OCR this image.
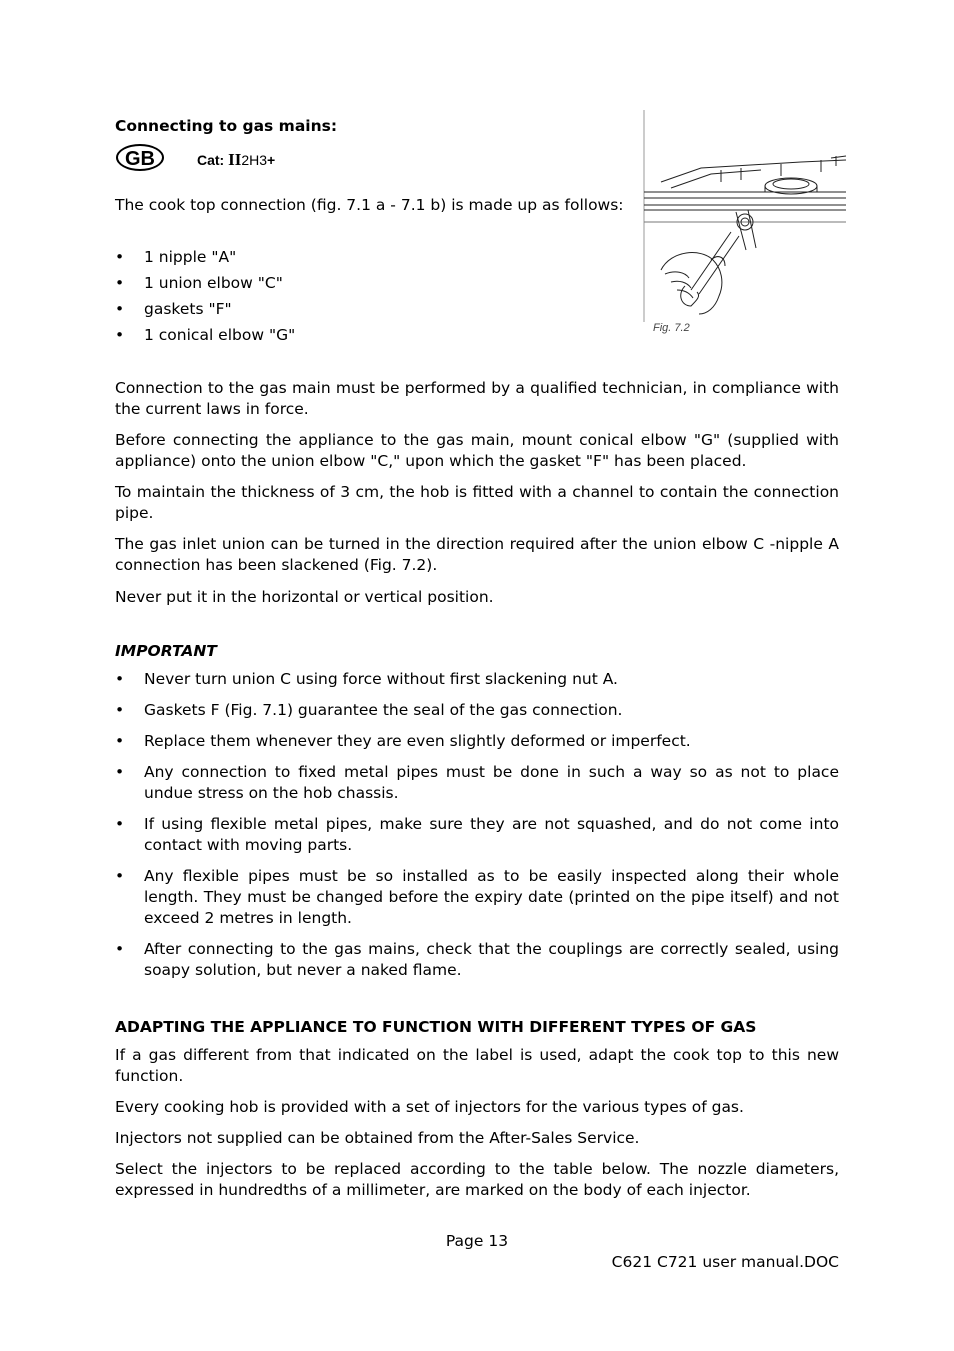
Connecting to gas mains:
GB	Cat: II2H3+
The cook top connection (fig. 7.1 a - 7.1 b) is made up as follows:
• 1 nipple "A"
• 1 union elbow "C"
• gaskets "F"
• 1 conical elbow "G"	Fig. 7.2
Connection to the gas main must be performed by a qualified technician, in compliance with the current laws in force.
Before connecting the appliance to the gas main, mount conical elbow "G" (supplied with appliance) onto the union elbow "C," upon which the gasket "F" has been placed.
To maintain the thickness of 3 cm, the hob is fitted with a channel to contain the connection pipe.
The gas inlet union can be turned in the direction required after the union elbow C -nipple A connection has been slackened (Fig. 7.2).
Never put it in the horizontal or vertical position.
IMPORTANT
• Never turn union C using force without first slackening nut A.
• Gaskets F (Fig. 7.1) guarantee the seal of the gas connection.
• Replace them whenever they are even slightly deformed or imperfect.
• Any connection to fixed metal pipes must be done in such a way so as not to place undue stress on the hob chassis.
• If using flexible metal pipes, make sure they are not squashed, and do not come into contact with moving parts.
• Any flexible pipes must be so installed as to be easily inspected along their whole length. They must be changed before the expiry date (printed on the pipe itself) and not exceed 2 metres in length.
• After connecting to the gas mains, check that the couplings are correctly sealed, using soapy solution, but never a naked flame.
ADAPTING THE APPLIANCE TO FUNCTION WITH DIFFERENT TYPES OF GAS
If a gas different from that indicated on the label is used, adapt the cook top to this new function.
Every cooking hob is provided with a set of injectors for the various types of gas.
Injectors not supplied can be obtained from the After-Sales Service.
Select the injectors to be replaced according to the table below. The nozzle diameters, expressed in hundredths of a millimeter, are marked on the body of each injector.
Page 13
C621 C721 user manual.DOC
